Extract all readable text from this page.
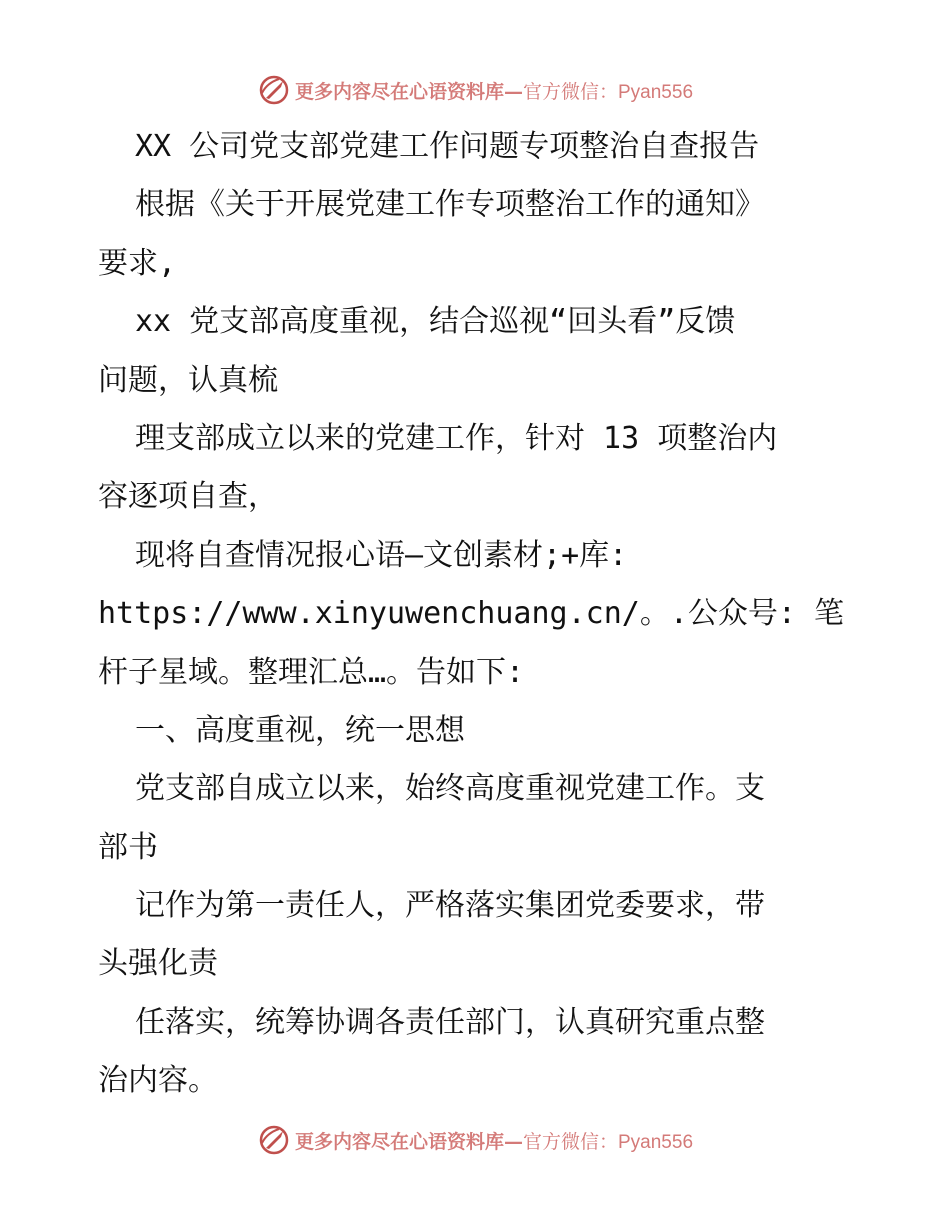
更多内容尽在心语资料库—官方微信：Pyan556
XX 公司党支部党建工作问题专项整治自查报告
根据《关于开展党建工作专项整治工作的通知》
要求,
xx 党支部高度重视，结合巡视“回头看”反馈
问题，认真梳
理支部成立以来的党建工作，针对 13 项整治内
容逐项自查，
现将自查情况报心语—文创素材;+库:
https://www.xinyuwenchuang.cn/。.公众号: 笔
杆子星域。整理汇总…。告如下:
一、高度重视，统一思想
党支部自成立以来，始终高度重视党建工作。支
部书
记作为第一责任人，严格落实集团党委要求，带
头强化责
任落实，统筹协调各责任部门，认真研究重点整
治内容。
更多内容尽在心语资料库—官方微信：Pyan556
